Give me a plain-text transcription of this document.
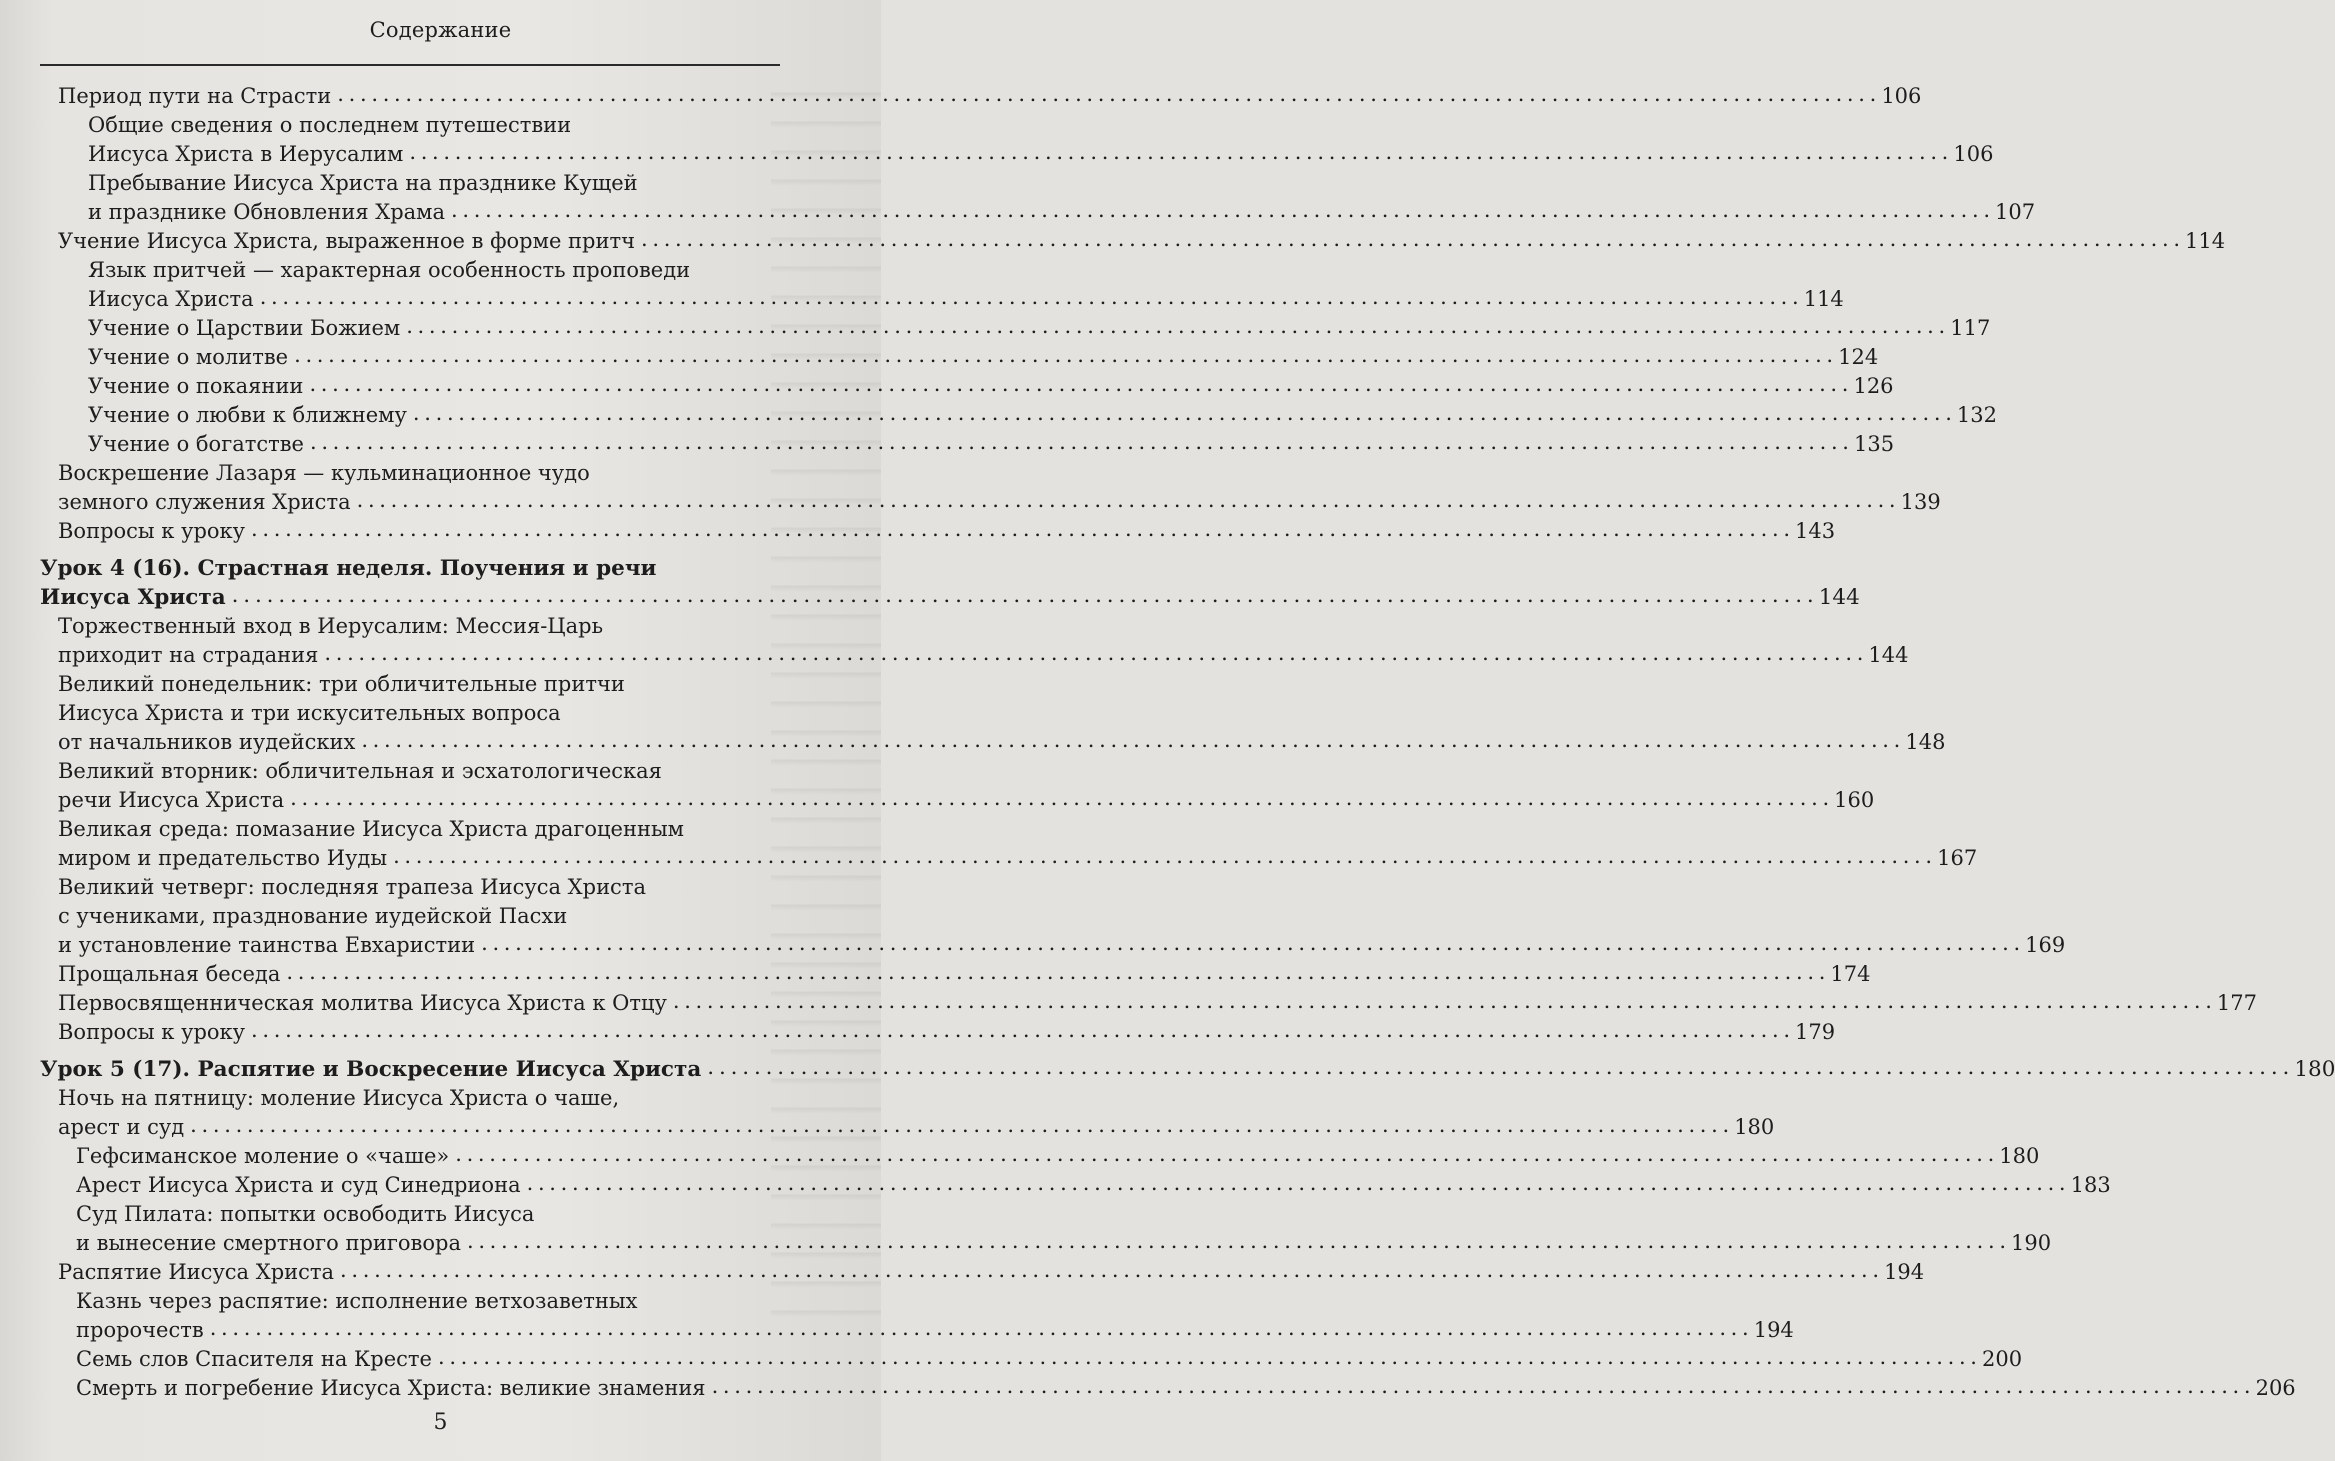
Содержание
Период пути на Страсти . . .	106
Общие сведения о последнем путешествии
Иисуса Христа в Иерусалим . . .	106
Пребывание Иисуса Христа на празднике Кущей
и празднике Обновления Храма . . .	107
Учение Иисуса Христа, выраженное в форме притч . . .	114
Язык притчей — характерная особенность проповеди
Иисуса Христа . . .	114
Учение о Царствии Божием . . .	117
Учение о молитве . . .	124
Учение о покаянии . . .	126
Учение о любви к ближнему . . .	132
Учение о богатстве . . .	135
Воскрешение Лазаря — кульминационное чудо
земного служения Христа . . .	139
Вопросы к уроку . . .	143
Урок 4 (16). Страстная неделя. Поучения и речи
Иисуса Христа . . .	144
Торжественный вход в Иерусалим: Мессия-Царь
приходит на страдания . . .	144
Великий понедельник: три обличительные притчи
Иисуса Христа и три искусительных вопроса
от начальников иудейских . . .	148
Великий вторник: обличительная и эсхатологическая
речи Иисуса Христа . . .	160
Великая среда: помазание Иисуса Христа драгоценным
миром и предательство Иуды . . .	167
Великий четверг: последняя трапеза Иисуса Христа
с учениками, празднование иудейской Пасхи
и установление таинства Евхаристии . . .	169
Прощальная беседа . . .	174
Первосвященническая молитва Иисуса Христа к Отцу . . .	177
Вопросы к уроку . . .	179
Урок 5 (17). Распятие и Воскресение Иисуса Христа . . .	180
Ночь на пятницу: моление Иисуса Христа о чаше,
арест и суд . . .	180
Гефсиманское моление о «чаше» . . .	180
Арест Иисуса Христа и суд Синедриона . . .	183
Суд Пилата: попытки освободить Иисуса
и вынесение смертного приговора . . .	190
Распятие Иисуса Христа . . .	194
Казнь через распятие: исполнение ветхозаветных
пророчеств . . .	194
Семь слов Спасителя на Кресте . . .	200
Смерть и погребение Иисуса Христа: великие знамения . . .	206
5
